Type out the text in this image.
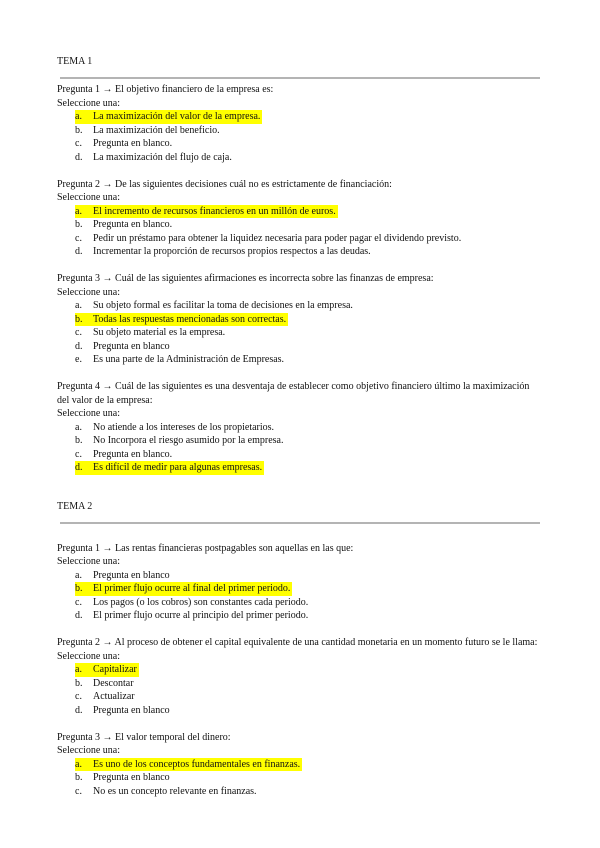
TEMA 1
Pregunta 1 → El objetivo financiero de la empresa es:
Seleccione una:
a. La maximización del valor de la empresa.
b. La maximización del beneficio.
c. Pregunta en blanco.
d. La maximización del flujo de caja.
Pregunta 2 → De las siguientes decisiones cuál no es estrictamente de financiación:
Seleccione una:
a. El incremento de recursos financieros en un millón de euros.
b. Pregunta en blanco.
c. Pedir un préstamo para obtener la liquidez necesaria para poder pagar el dividendo previsto.
d. Incrementar la proporción de recursos propios respectos a las deudas.
Pregunta 3 → Cuál de las siguientes afirmaciones es incorrecta sobre las finanzas de empresa:
Seleccione una:
a. Su objeto formal es facilitar la toma de decisiones en la empresa.
b. Todas las respuestas mencionadas son correctas.
c. Su objeto material es la empresa.
d. Pregunta en blanco
e. Es una parte de la Administración de Empresas.
Pregunta 4 → Cuál de las siguientes es una desventaja de establecer como objetivo financiero último la maximización del valor de la empresa:
Seleccione una:
a. No atiende a los intereses de los propietarios.
b. No Incorpora el riesgo asumido por la empresa.
c. Pregunta en blanco.
d. Es difícil de medir para algunas empresas.
TEMA 2
Pregunta 1 → Las rentas financieras postpagables son aquellas en las que:
Seleccione una:
a. Pregunta en blanco
b. El primer flujo ocurre al final del primer periodo.
c. Los pagos (o los cobros) son constantes cada periodo.
d. El primer flujo ocurre al principio del primer periodo.
Pregunta 2 → Al proceso de obtener el capital equivalente de una cantidad monetaria en un momento futuro se le llama:
Seleccione una:
a. Capitalizar
b. Descontar
c. Actualizar
d. Pregunta en blanco
Pregunta 3 → El valor temporal del dinero:
Seleccione una:
a. Es uno de los conceptos fundamentales en finanzas.
b. Pregunta en blanco
c. No es un concepto relevante en finanzas.
